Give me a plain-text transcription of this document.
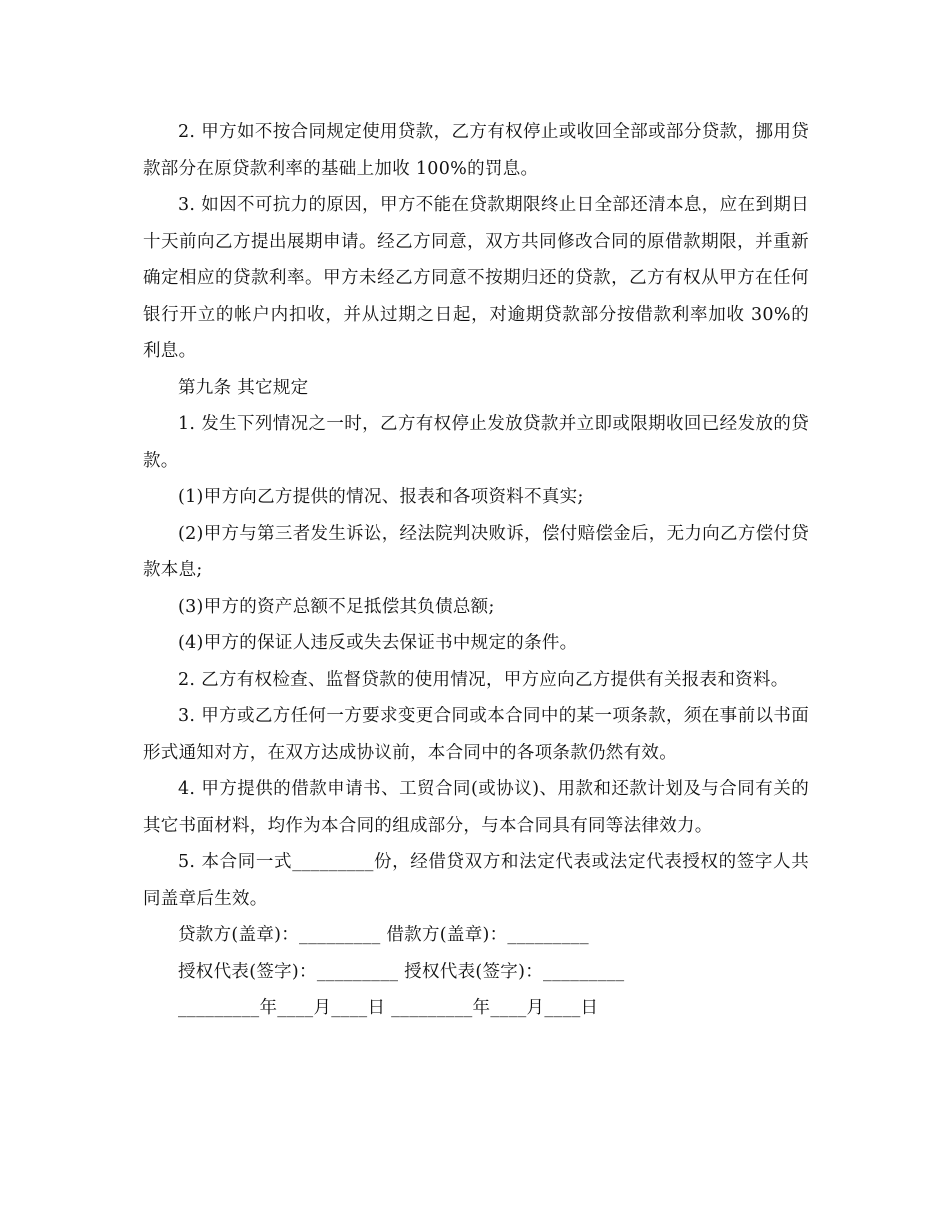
2. 甲方如不按合同规定使用贷款，乙方有权停止或收回全部或部分贷款，挪用贷款部分在原贷款利率的基础上加收 100%的罚息。

3. 如因不可抗力的原因，甲方不能在贷款期限终止日全部还清本息，应在到期日十天前向乙方提出展期申请。经乙方同意，双方共同修改合同的原借款期限，并重新确定相应的贷款利率。甲方未经乙方同意不按期归还的贷款，乙方有权从甲方在任何银行开立的帐户内扣收，并从过期之日起，对逾期贷款部分按借款利率加收 30%的利息。

第九条 其它规定

1. 发生下列情况之一时，乙方有权停止发放贷款并立即或限期收回已经发放的贷款。

(1)甲方向乙方提供的情况、报表和各项资料不真实;

(2)甲方与第三者发生诉讼，经法院判决败诉，偿付赔偿金后，无力向乙方偿付贷款本息;

(3)甲方的资产总额不足抵偿其负债总额;

(4)甲方的保证人违反或失去保证书中规定的条件。

2. 乙方有权检查、监督贷款的使用情况，甲方应向乙方提供有关报表和资料。

3. 甲方或乙方任何一方要求变更合同或本合同中的某一项条款，须在事前以书面形式通知对方，在双方达成协议前，本合同中的各项条款仍然有效。

4. 甲方提供的借款申请书、工贸合同(或协议)、用款和还款计划及与合同有关的其它书面材料，均作为本合同的组成部分，与本合同具有同等法律效力。

5. 本合同一式_________份，经借贷双方和法定代表或法定代表授权的签字人共同盖章后生效。

贷款方(盖章)：_________ 借款方(盖章)：_________

授权代表(签字)：_________ 授权代表(签字)：_________

_________年____月____日 _________年____月____日
